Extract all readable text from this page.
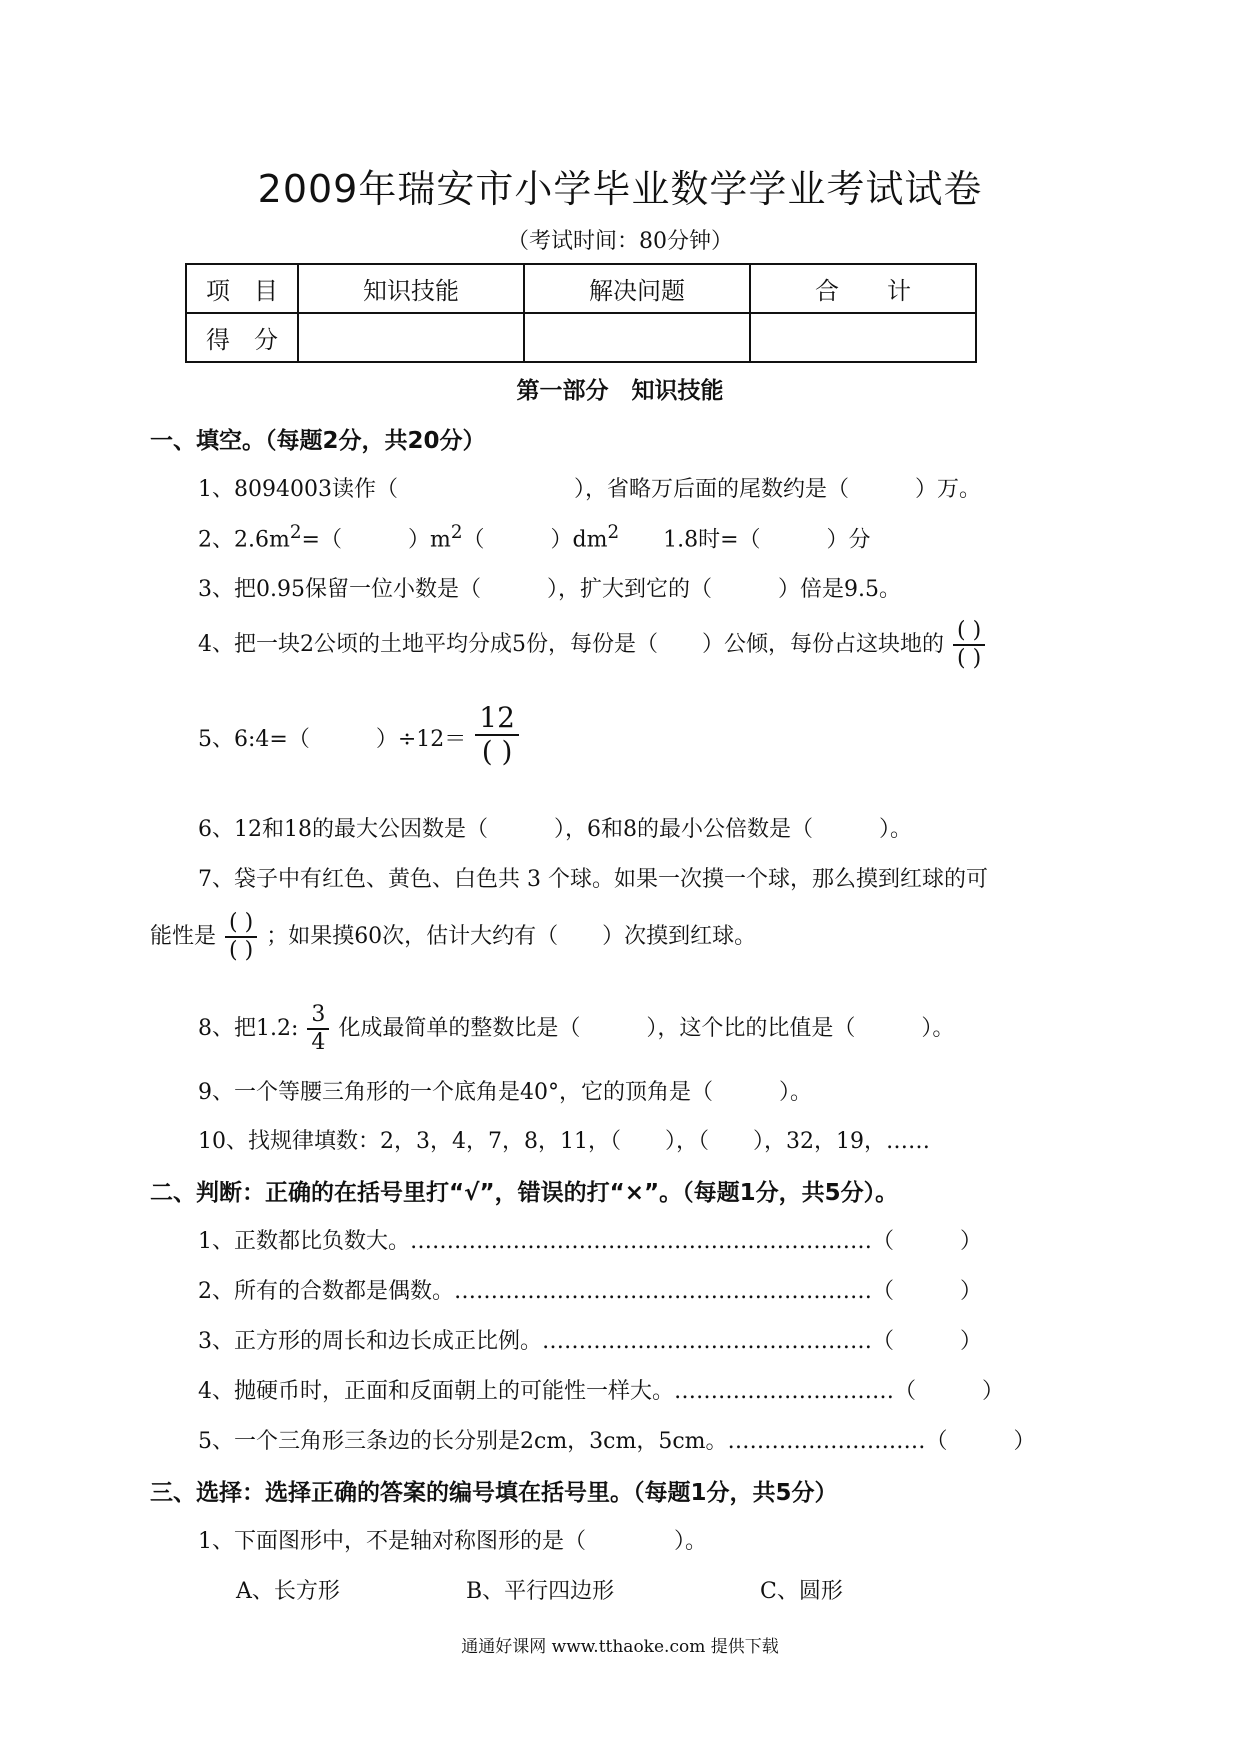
2009年瑞安市小学毕业数学学业考试试卷
（考试时间：80分钟）
项　目	知识技能	解决问题	合　　计
得　分			
第一部分　知识技能
一、填空。（每题2分，共20分）
1、8094003读作（　　　　　　　　），省略万后面的尾数约是（　　　）万。
2、$2.6m^2=$（　　　）$m^2$（　　　）$dm^2$　　1.8时=（　　　）分
3、把0.95保留一位小数是（　　　），扩大到它的（　　　）倍是9.5。
4、把一块2公顷的土地平均分成5份，每份是（　　）公倾，每份占这块地的 $\frac{( )}{( )}$
5、6:4=（　　　）$\div 12= \frac{12}{( )}$
6、12和18的最大公因数是（　　　），6和8的最小公倍数是（　　　）。
7、袋子中有红色、黄色、白色共 3 个球。如果一次摸一个球，那么摸到红球的可
能性是 $\frac{( )}{( )}$ ；如果摸60次，估计大约有（　　）次摸到红球。
8、把1.2: $\frac{3}{4}$ 化成最简单的整数比是（　　　），这个比的比值是（　　　）。
9、一个等腰三角形的一个底角是40°，它的顶角是（　　　）。
10、找规律填数：2，3，4，7，8，11，（　　），（　　），32，19，……
二、判断：正确的在括号里打“√”，错误的打“×”。（每题1分，共5分）。
1、正数都比负数大。………………………………………………………（　　　）
2、所有的合数都是偶数。…………………………………………………（　　　）
3、正方形的周长和边长成正比例。………………………………………（　　　）
4、抛硬币时，正面和反面朝上的可能性一样大。…………………………（　　　）
5、一个三角形三条边的长分别是2cm，3cm，5cm。………………………（　　　）
三、选择：选择正确的答案的编号填在括号里。（每题1分，共5分）
1、下面图形中，不是轴对称图形的是（　　　　）。
A、长方形	B、平行四边形	C、圆形
通通好课网 www.tthaoke.com 提供下载
